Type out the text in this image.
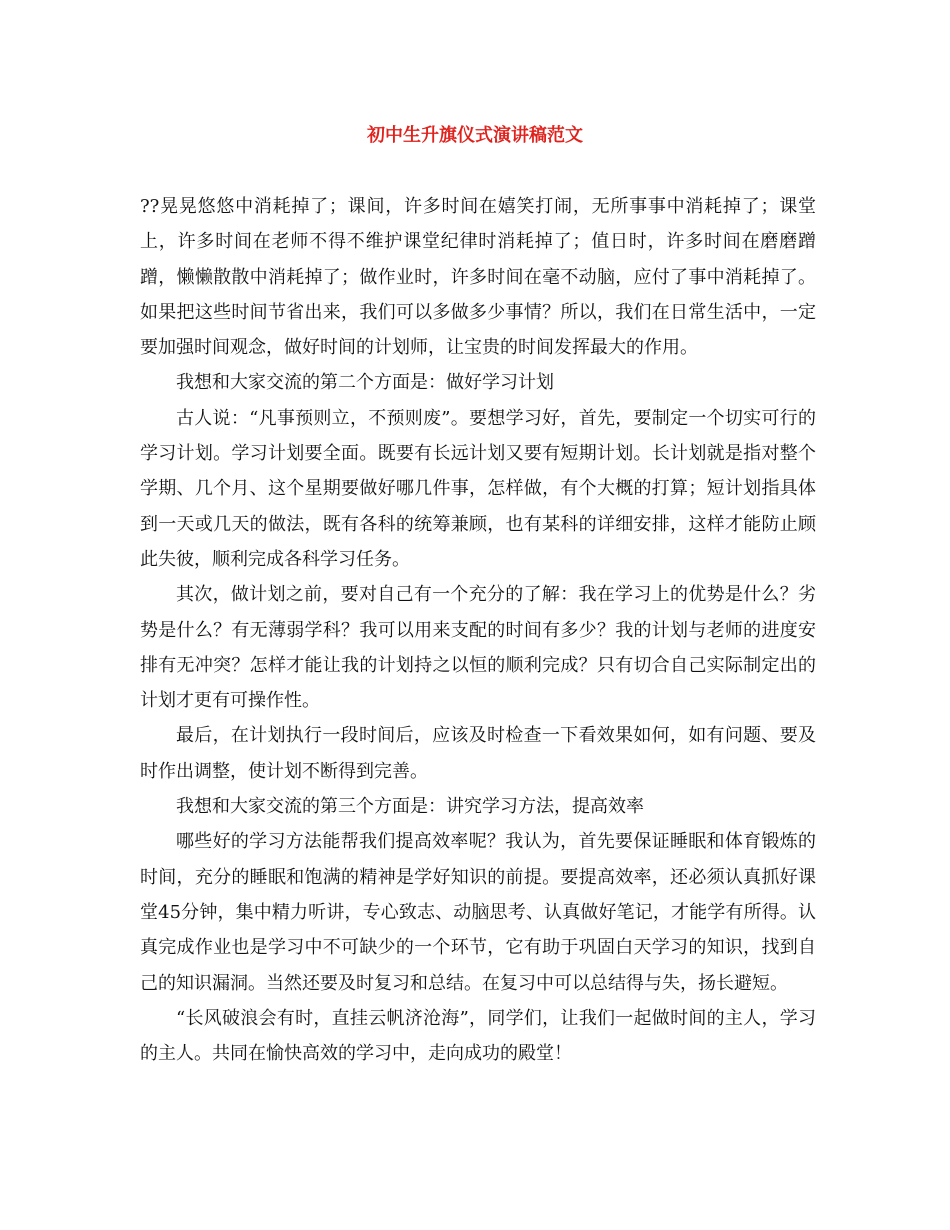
初中生升旗仪式演讲稿范文

??晃晃悠悠中消耗掉了；课间，许多时间在嬉笑打闹，无所事事中消耗掉了；课堂上，许多时间在老师不得不维护课堂纪律时消耗掉了；值日时，许多时间在磨磨蹭蹭，懒懒散散中消耗掉了；做作业时，许多时间在毫不动脑，应付了事中消耗掉了。如果把这些时间节省出来，我们可以多做多少事情？所以，我们在日常生活中，一定要加强时间观念，做好时间的计划师，让宝贵的时间发挥最大的作用。

我想和大家交流的第二个方面是：做好学习计划

古人说：“凡事预则立，不预则废”。要想学习好，首先，要制定一个切实可行的学习计划。学习计划要全面。既要有长远计划又要有短期计划。长计划就是指对整个学期、几个月、这个星期要做好哪几件事，怎样做，有个大概的打算；短计划指具体到一天或几天的做法，既有各科的统筹兼顾，也有某科的详细安排，这样才能防止顾此失彼，顺利完成各科学习任务。

其次，做计划之前，要对自己有一个充分的了解：我在学习上的优势是什么？劣势是什么？有无薄弱学科？我可以用来支配的时间有多少？我的计划与老师的进度安排有无冲突？怎样才能让我的计划持之以恒的顺利完成？只有切合自己实际制定出的计划才更有可操作性。

最后，在计划执行一段时间后，应该及时检查一下看效果如何，如有问题、要及时作出调整，使计划不断得到完善。

我想和大家交流的第三个方面是：讲究学习方法，提高效率

哪些好的学习方法能帮我们提高效率呢？我认为，首先要保证睡眠和体育锻炼的时间，充分的睡眠和饱满的精神是学好知识的前提。要提高效率，还必须认真抓好课堂45分钟，集中精力听讲，专心致志、动脑思考、认真做好笔记，才能学有所得。认真完成作业也是学习中不可缺少的一个环节，它有助于巩固白天学习的知识，找到自己的知识漏洞。当然还要及时复习和总结。在复习中可以总结得与失，扬长避短。

“长风破浪会有时，直挂云帆济沧海”，同学们，让我们一起做时间的主人，学习的主人。共同在愉快高效的学习中，走向成功的殿堂！
